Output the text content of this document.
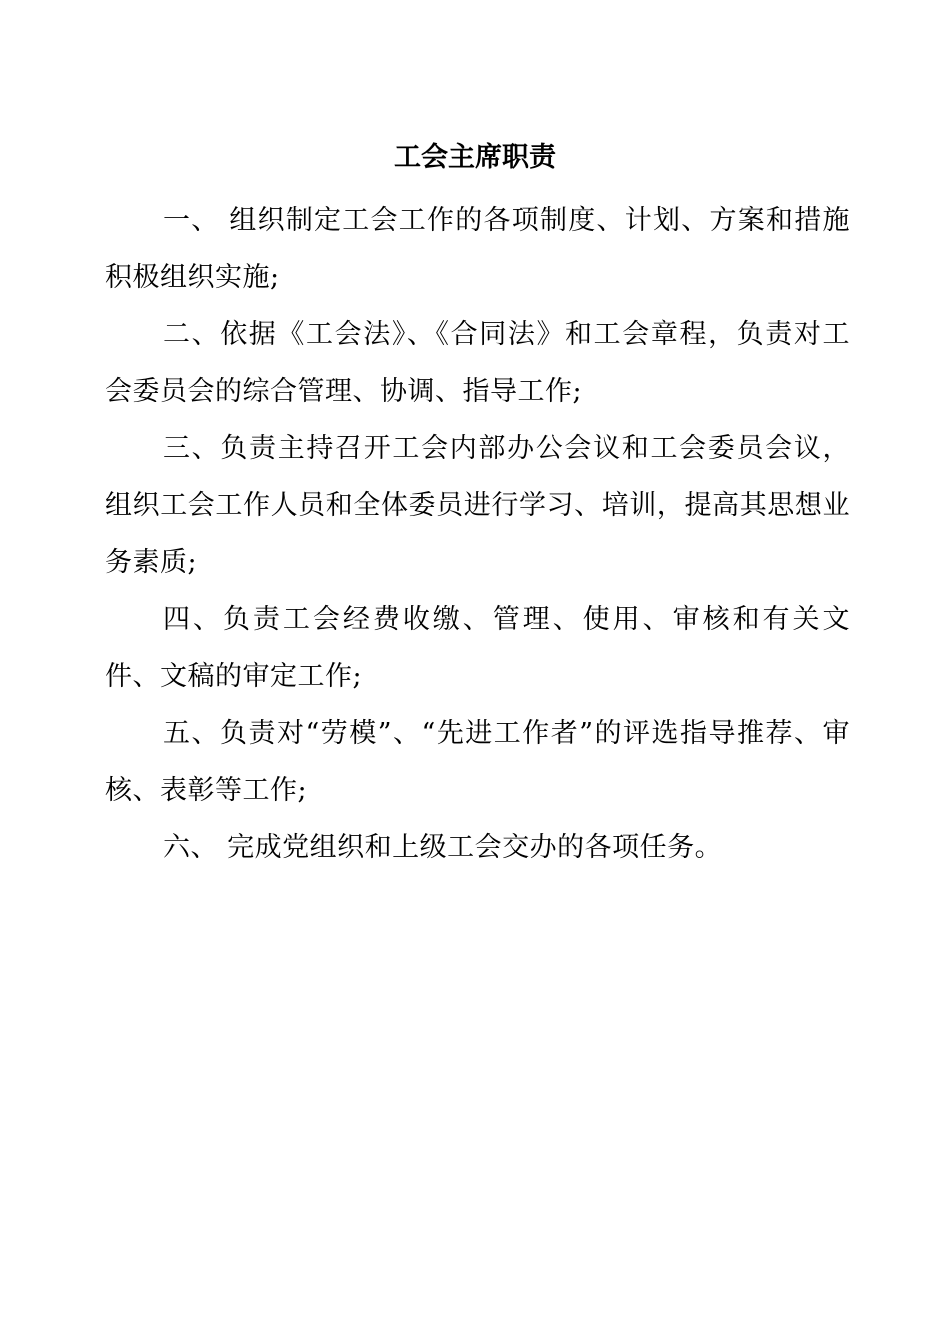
工会主席职责

一、 组织制定工会工作的各项制度、计划、方案和措施积极组织实施;

二、依据《工会法》、《合同法》和工会章程，负责对工会委员会的综合管理、协调、指导工作;

三、负责主持召开工会内部办公会议和工会委员会议，组织工会工作人员和全体委员进行学习、培训，提高其思想业务素质;

四、负责工会经费收缴、管理、使用、审核和有关文件、文稿的审定工作;

五、负责对“劳模”、“先进工作者”的评选指导推荐、审核、表彰等工作;

六、 完成党组织和上级工会交办的各项任务。
